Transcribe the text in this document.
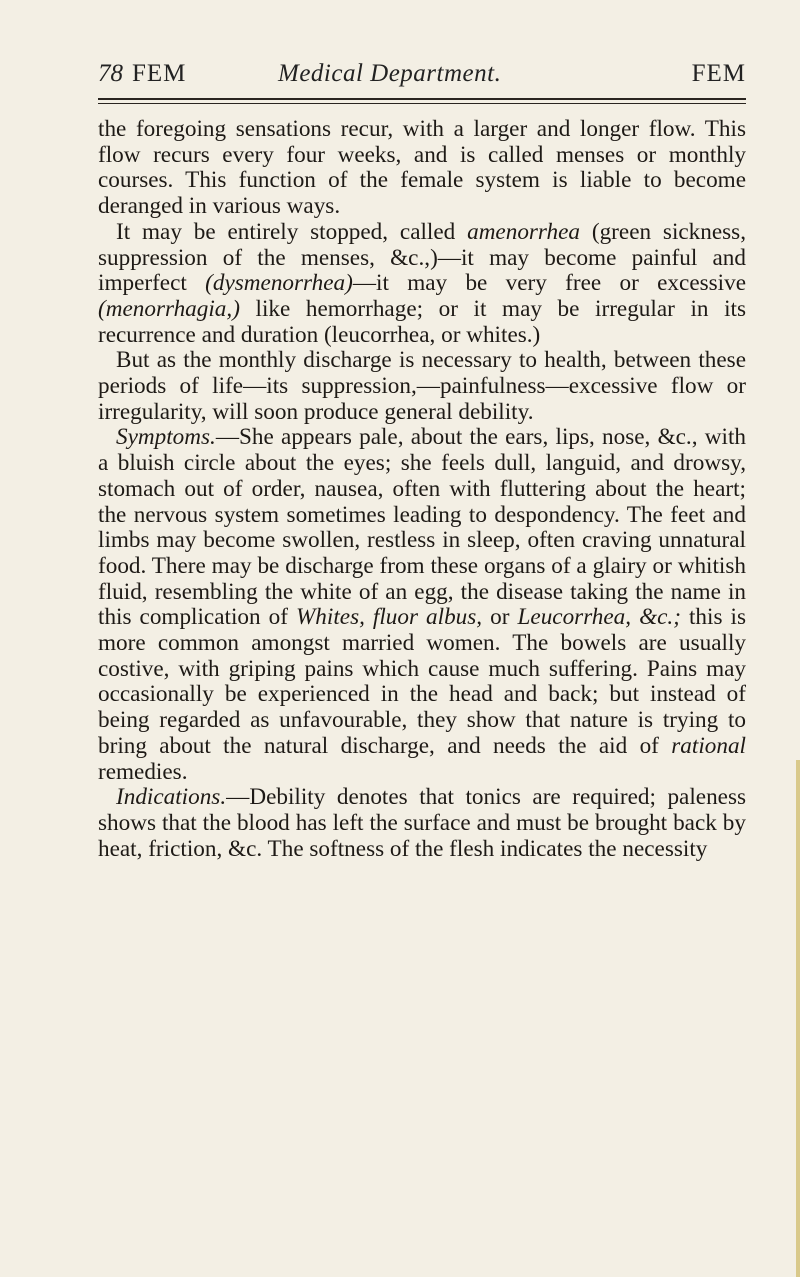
78 FEM	Medical Department.	FEM

the foregoing sensations recur, with a larger and longer flow. This flow recurs every four weeks, and is called menses or monthly courses. This function of the female system is liable to become deranged in various ways.

It may be entirely stopped, called amenorrhea (green sickness, suppression of the menses, &c.,)—it may become painful and imperfect (dysmenorrhea)—it may be very free or excessive (menorrhagia,) like hemorrhage; or it may be irregular in its recurrence and duration (leucorrhea, or whites.)

But as the monthly discharge is necessary to health, between these periods of life—its suppression,—painfulness—excessive flow or irregularity, will soon produce general debility.

Symptoms.—She appears pale, about the ears, lips, nose, &c., with a bluish circle about the eyes; she feels dull, languid, and drowsy, stomach out of order, nausea, often with fluttering about the heart; the nervous system sometimes leading to despondency. The feet and limbs may become swollen, restless in sleep, often craving unnatural food. There may be discharge from these organs of a glairy or whitish fluid, resembling the white of an egg, the disease taking the name in this complication of Whites, fluor albus, or Leucorrhea, &c.; this is more common amongst married women. The bowels are usually costive, with griping pains which cause much suffering. Pains may occasionally be experienced in the head and back; but instead of being regarded as unfavourable, they show that nature is trying to bring about the natural discharge, and needs the aid of rational remedies.

Indications.—Debility denotes that tonics are required; paleness shows that the blood has left the surface and must be brought back by heat, friction, &c. The softness of the flesh indicates the necessity
